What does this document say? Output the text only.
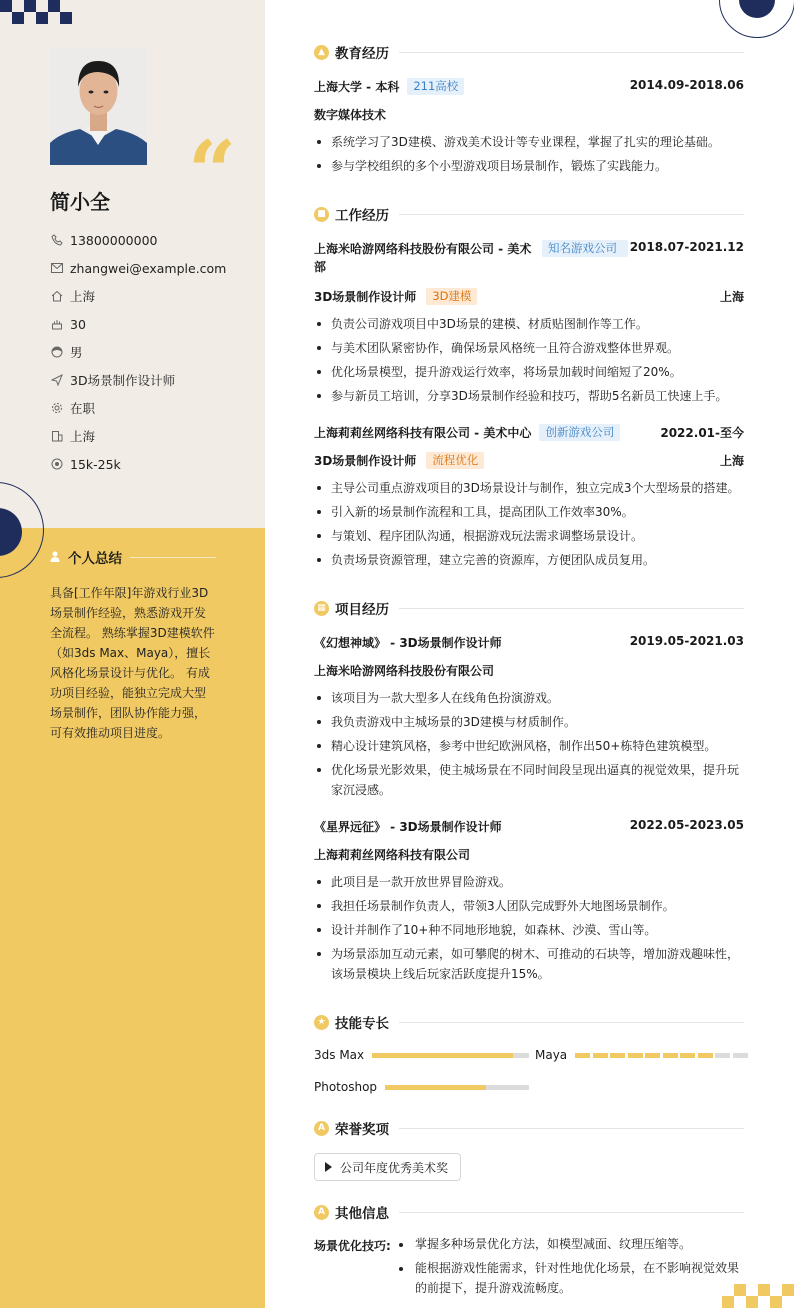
“
简小全
13800000000
zhangwei@example.com
上海
30
男
3D场景制作设计师
在职
上海
15k-25k
个人总结
具备[工作年限]年游戏行业3D场景制作经验，熟悉游戏开发全流程。 熟练掌握3D建模软件（如3ds Max、Maya），擅长风格化场景设计与优化。 有成功项目经验，能独立完成大型场景制作，团队协作能力强，可有效推动项目进度。
▲ 教育经历
上海大学 - 本科	211高校	2014.09-2018.06
数字媒体技术
系统学习了3D建模、游戏美术设计等专业课程，掌握了扎实的理论基础。
参与学校组织的多个小型游戏项目场景制作，锻炼了实践能力。
■ 工作经历
上海米哈游网络科技股份有限公司 - 美术部
知名游戏公司	2018.07-2021.12
3D场景制作设计师	3D建模	上海
负责公司游戏项目中3D场景的建模、材质贴图制作等工作。
与美术团队紧密协作，确保场景风格统一且符合游戏整体世界观。
优化场景模型，提升游戏运行效率，将场景加载时间缩短了20%。
参与新员工培训，分享3D场景制作经验和技巧，帮助5名新员工快速上手。
上海莉莉丝网络科技有限公司 - 美术中心	创新游戏公司	2022.01-至今
3D场景制作设计师	流程优化	上海
主导公司重点游戏项目的3D场景设计与制作，独立完成3个大型场景的搭建。
引入新的场景制作流程和工具，提高团队工作效率30%。
与策划、程序团队沟通，根据游戏玩法需求调整场景设计。
负责场景资源管理，建立完善的资源库，方便团队成员复用。
▦ 项目经历
《幻想神域》 - 3D场景制作设计师	2019.05-2021.03
上海米哈游网络科技股份有限公司
该项目为一款大型多人在线角色扮演游戏。
我负责游戏中主城场景的3D建模与材质制作。
精心设计建筑风格，参考中世纪欧洲风格，制作出50+栋特色建筑模型。
优化场景光影效果，使主城场景在不同时间段呈现出逼真的视觉效果，提升玩家沉浸感。
《星界远征》 - 3D场景制作设计师	2022.05-2023.05
上海莉莉丝网络科技有限公司
此项目是一款开放世界冒险游戏。
我担任场景制作负责人，带领3人团队完成野外大地图场景制作。
设计并制作了10+种不同地形地貌，如森林、沙漠、雪山等。
为场景添加互动元素，如可攀爬的树木、可推动的石块等，增加游戏趣味性，该场景模块上线后玩家活跃度提升15%。
★ 技能专长
3ds Max	Maya
Photoshop
A 荣誉奖项
公司年度优秀美术奖
A 其他信息
场景优化技巧:	掌握多种场景优化方法，如模型减面、纹理压缩等。
能根据游戏性能需求，针对性地优化场景，在不影响视觉效果的前提下，提升游戏流畅度。
